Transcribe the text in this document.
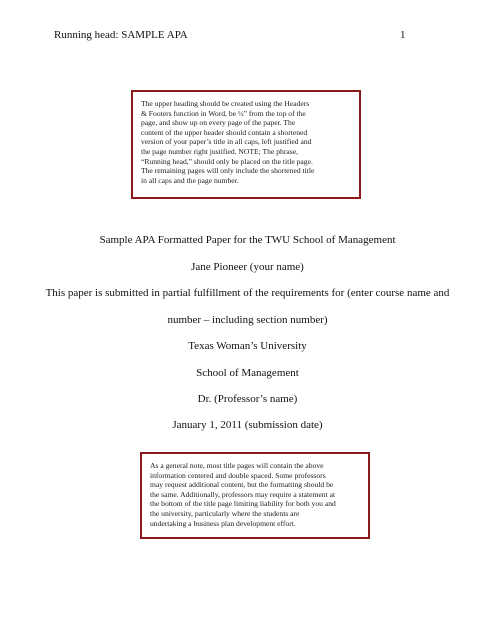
Running head: SAMPLE APA	1
The upper heading should be created using the Headers
& Footers function in Word, be ½” from the top of the
page, and show up on every page of the paper. The
content of the upper header should contain a shortened
version of your paper’s title in all caps, left justified and
the page number right justified. NOTE; The phrase,
“Running head,” should only be placed on the title page.
The remaining pages will only include the shortened title
in all caps and the page number.
Sample APA Formatted Paper for the TWU School of Management
Jane Pioneer (your name)
This paper is submitted in partial fulfillment of the requirements for (enter course name and
number – including section number)
Texas Woman’s University
School of Management
Dr. (Professor’s name)
January 1, 2011 (submission date)
As a general note, most title pages will contain the above
information centered and double spaced. Some professors
may request additional content, but the formatting should be
the same. Additionally, professors may require a statement at
the bottom of the title page limiting liability for both you and
the university, particularly where the students are
undertaking a business plan development effort.
